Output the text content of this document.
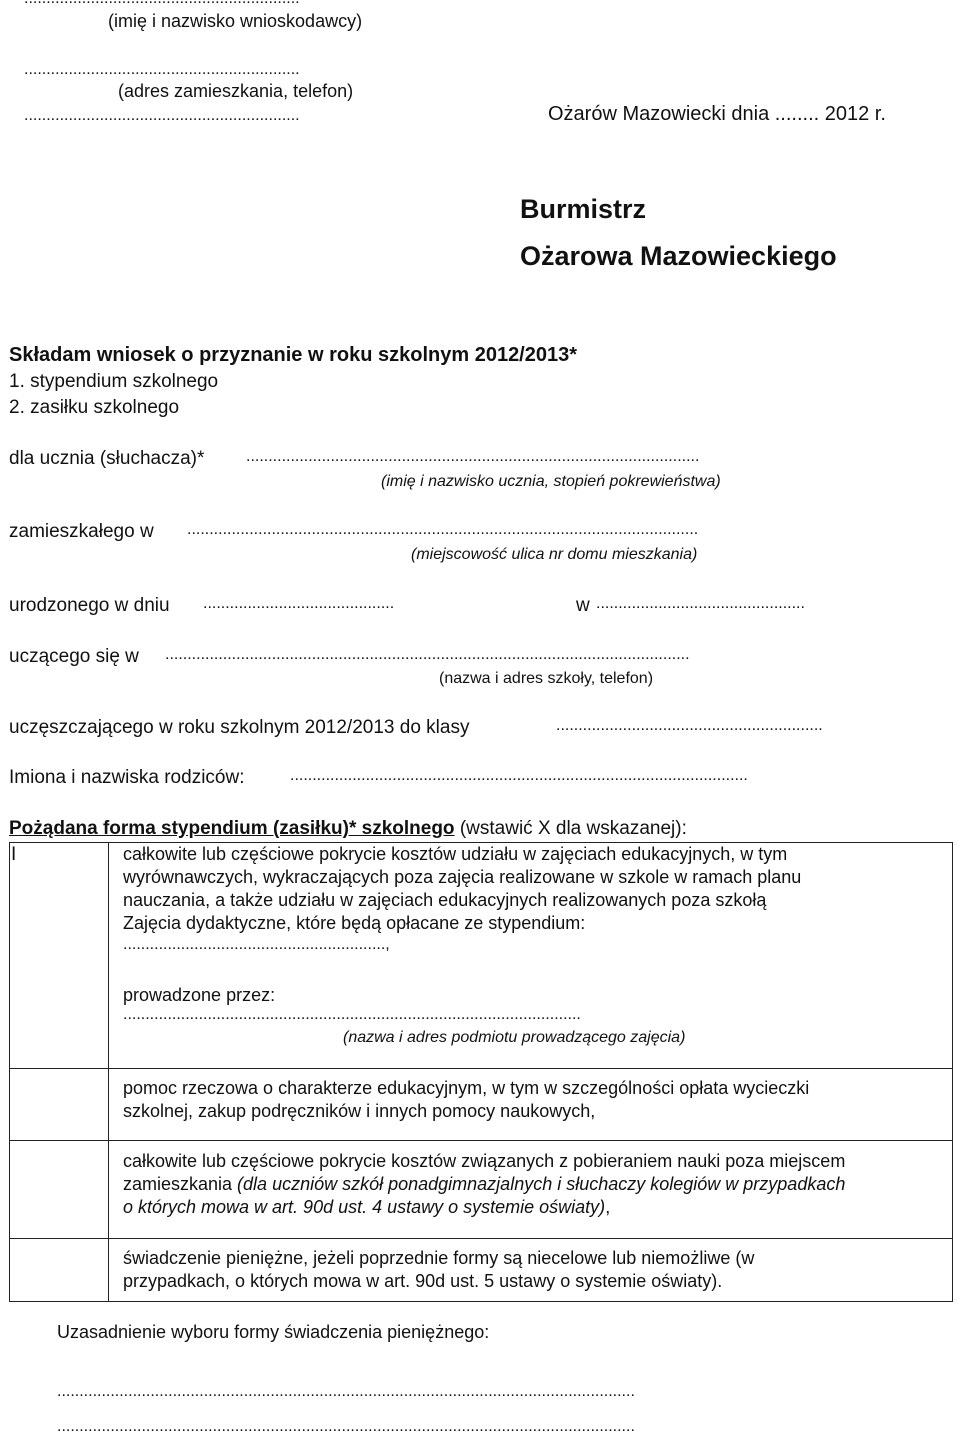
(imię i nazwisko wnioskodawcy)

..............................................................

(adres zamieszkania, telefon)

..............................................................	Ożarów Mazowiecki dnia ........ 2012 r.

Burmistrz

Ożarowa Mazowieckiego

Składam wniosek o przyznanie w roku szkolnym 2012/2013*

1. stypendium szkolnego

2. zasiłku szkolnego

dla ucznia (słuchacza)*	......................................................................................................

(imię i nazwisko ucznia, stopień pokrewieństwa)

zamieszkałego w ...................................................................................................................

(miejscowość ulica nr domu mieszkania)

urodzonego w dniu ...........................................	w ...............................................

uczącego się w ......................................................................................................................

(nazwa i adres szkoły, telefon)

uczęszczającego w roku szkolnym 2012/2013 do klasy	............................................................

Imiona i nazwiska rodziców:	.......................................................................................................

Pożądana forma stypendium (zasiłku)* szkolnego (wstawić X dla wskazanej):

I	całkowite lub częściowe pokrycie kosztów udziału w zajęciach edukacyjnych, w tym

wyrównawczych, wykraczających poza zajęcia realizowane w szkole w ramach planu

nauczania, a także udziału w zajęciach edukacyjnych realizowanych poza szkołą

Zajęcia dydaktyczne, które będą opłacane ze stypendium:

...........................................................,

prowadzone przez:

.......................................................................................................

(nazwa i adres podmiotu prowadzącego zajęcia)

pomoc rzeczowa o charakterze edukacyjnym, w tym w szczególności opłata wycieczki

szkolnej, zakup podręczników i innych pomocy naukowych,

całkowite lub częściowe pokrycie kosztów związanych z pobieraniem nauki poza miejscem

zamieszkania (dla uczniów szkół ponadgimnazjalnych i słuchaczy kolegiów w przypadkach

o których mowa w art. 90d ust. 4 ustawy o systemie oświaty),

świadczenie pieniężne, jeżeli poprzednie formy są niecelowe lub niemożliwe (w

przypadkach, o których mowa w art. 90d ust. 5 ustawy o systemie oświaty).

Uzasadnienie wyboru formy świadczenia pieniężnego:

..................................................................................................................................

..................................................................................................................................
